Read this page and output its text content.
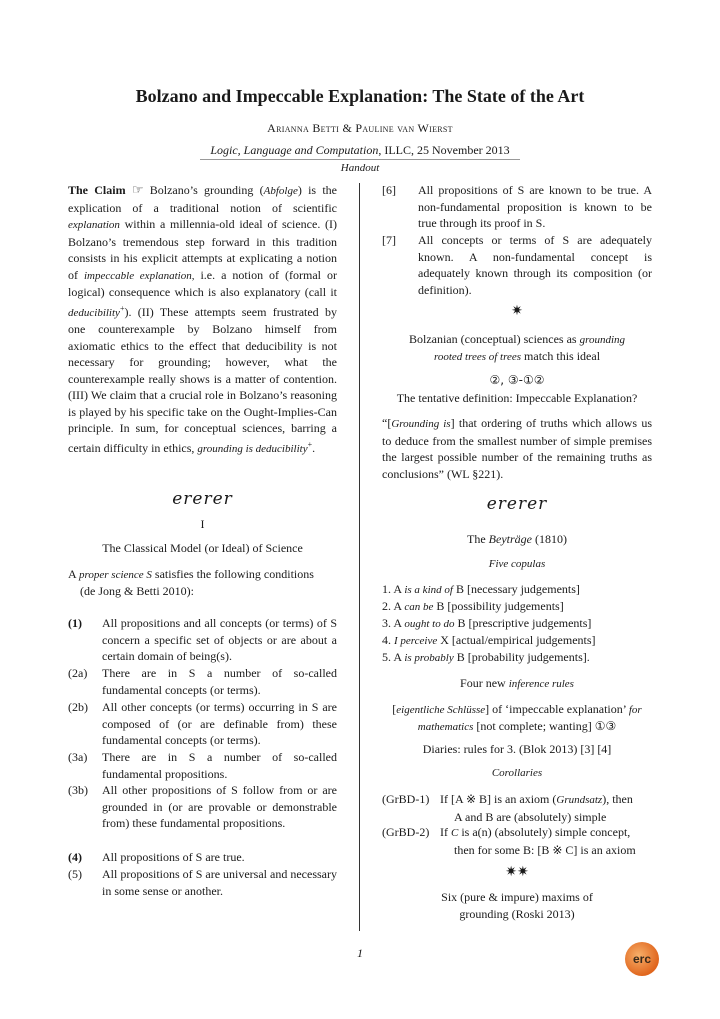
Bolzano and Impeccable Explanation: The State of the Art
Arianna Betti & Pauline van Wierst
Logic, Language and Computation, ILLC, 25 November 2013
Handout
The Claim ☞ Bolzano’s grounding (Abfolge) is the explication of a traditional notion of scientific explanation within a millennia-old ideal of science. (I) Bolzano’s tremendous step forward in this tradition consists in his explicit attempts at explicating a notion of impeccable explanation, i.e. a notion of (formal or logical) consequence which is also explanatory (call it deducibility+). (II) These attempts seem frustrated by one counterexample by Bolzano himself from axiomatic ethics to the effect that deducibility is not necessary for grounding; however, what the counterexample really shows is a matter of contention. (III) We claim that a crucial role in Bolzano’s reasoning is played by his specific take on the Ought-Implies-Can principle. In sum, for conceptual sciences, barring a certain difficulty in ethics, grounding is deducibility+.
ererer
I
The Classical Model (or Ideal) of Science
A proper science S satisfies the following conditions
(de Jong & Betti 2010):
(1) All propositions and all concepts (or terms) of S concern a specific set of objects or are about a certain domain of being(s).
(2a) There are in S a number of so-called fundamental concepts (or terms).
(2b) All other concepts (or terms) occurring in S are composed of (or are definable from) these fundamental concepts (or terms).
(3a) There are in S a number of so-called fundamental propositions.
(3b) All other propositions of S follow from or are grounded in (or are provable or demonstrable from) these fundamental propositions.
(4) All propositions of S are true.
(5) All propositions of S are universal and necessary in some sense or another.
[6] All propositions of S are known to be true. A non-fundamental proposition is known to be true through its proof in S.
[7] All concepts or terms of S are adequately known. A non-fundamental concept is adequately known through its composition (or definition).
✷
Bolzanian (conceptual) sciences as grounding
rooted trees of trees match this ideal
②, ③-①②
The tentative definition: Impeccable Explanation?
“[Grounding is] that ordering of truths which allows us to deduce from the smallest number of simple premises the largest possible number of the remaining truths as conclusions” (WL §221).
ererer
The Beyträge (1810)
Five copulas
1. A is a kind of B [necessary judgements]
2. A can be B [possibility judgements]
3. A ought to do B [prescriptive judgements]
4. I perceive X [actual/empirical judgements]
5. A is probably B [probability judgements].
Four new inference rules
[eigentliche Schlüsse] of ‘impeccable explanation’ for
mathematics [not complete; wanting] ①③
Diaries: rules for 3. (Blok 2013) [3] [4]
Corollaries
(GrBD-1) If [A ※ B] is an axiom (Grundsatz), then
A and B are (absolutely) simple
(GrBD-2) If C is a(n) (absolutely) simple concept,
then for some B: [B ※ C] is an axiom
✷✷
Six (pure & impure) maxims of
grounding (Roski 2013)
1	erc
